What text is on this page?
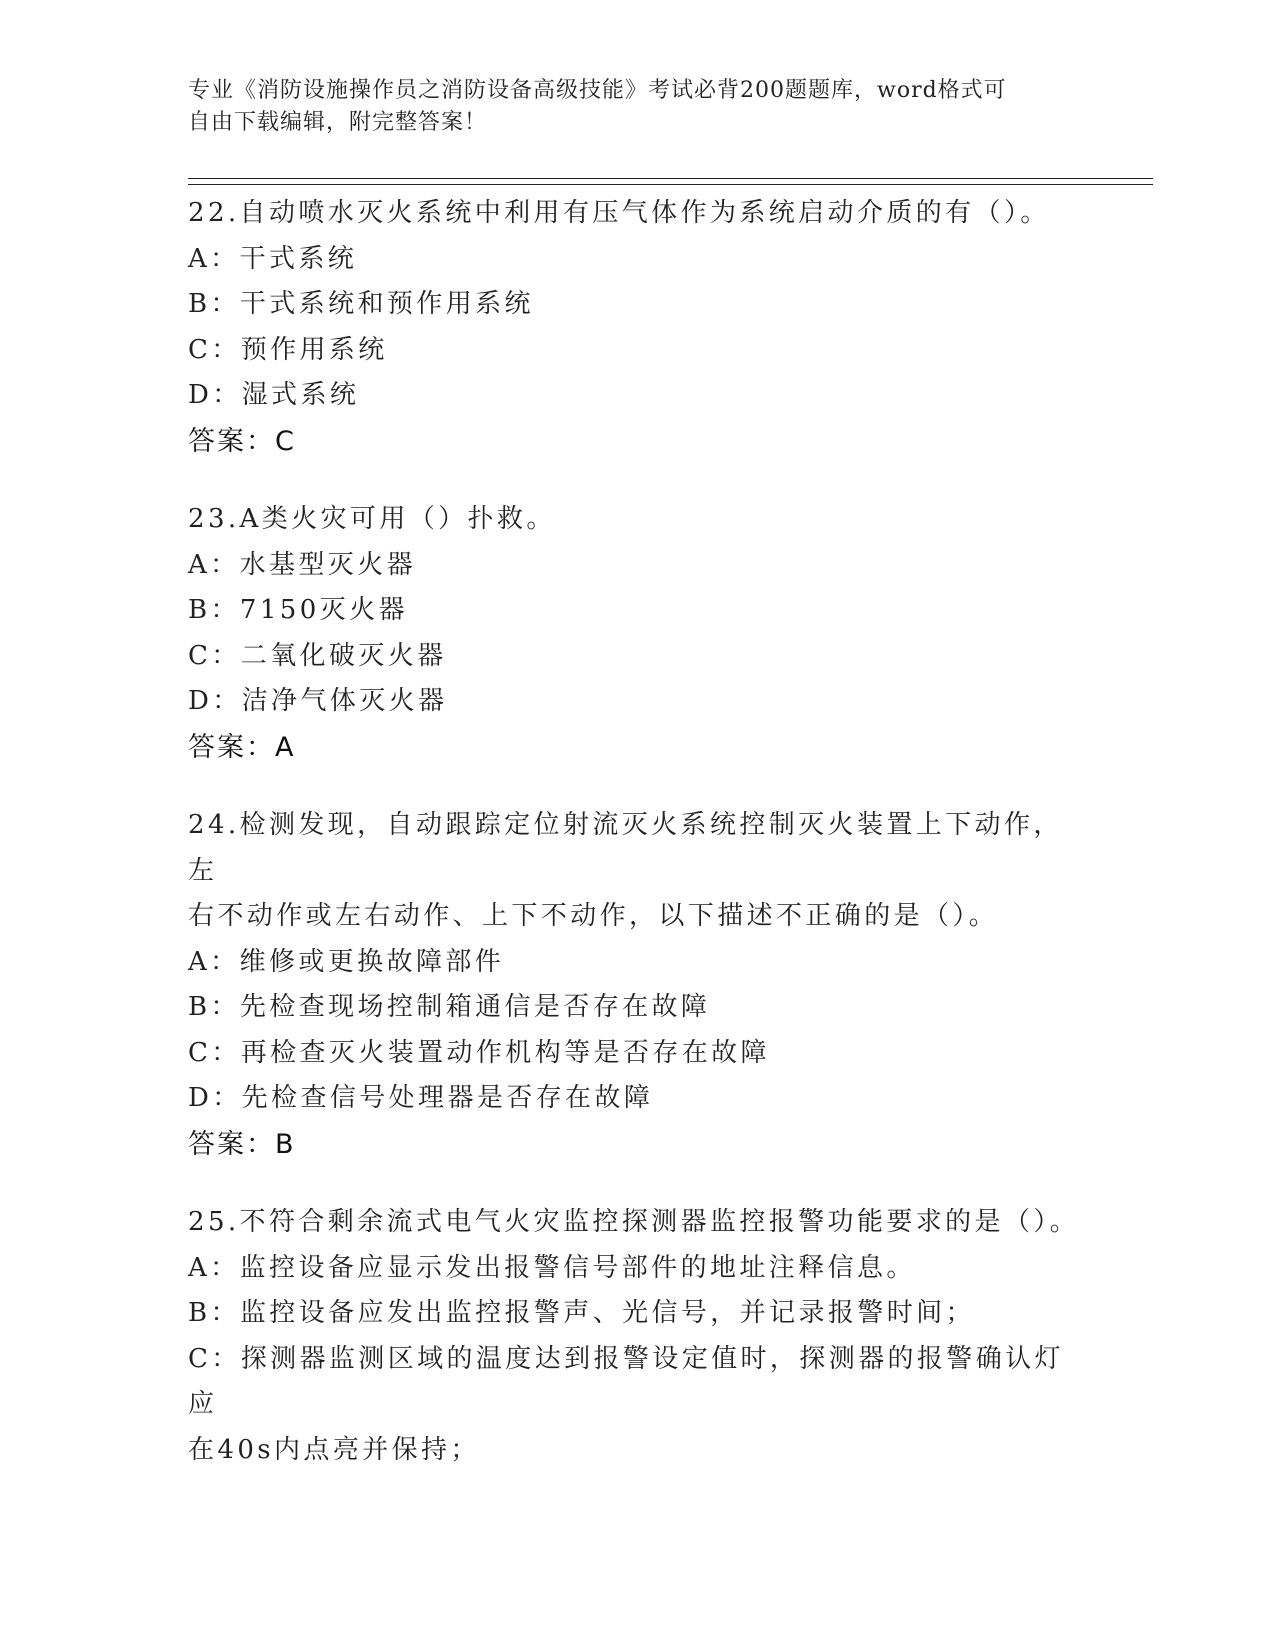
专业《消防设施操作员之消防设备高级技能》考试必背200题题库，word格式可
自由下载编辑，附完整答案！
22.自动喷水灭火系统中利用有压气体作为系统启动介质的有（）。
A：干式系统
B：干式系统和预作用系统
C：预作用系统
D：湿式系统
答案：C
23.A类火灾可用（）扑救。
A：水基型灭火器
B：7150灭火器
C：二氧化破灭火器
D：洁净气体灭火器
答案：A
24.检测发现，自动跟踪定位射流灭火系统控制灭火装置上下动作，左
右不动作或左右动作、上下不动作，以下描述不正确的是（）。
A：维修或更换故障部件
B：先检查现场控制箱通信是否存在故障
C：再检查灭火装置动作机构等是否存在故障
D：先检查信号处理器是否存在故障
答案：B
25.不符合剩余流式电气火灾监控探测器监控报警功能要求的是（）。
A：监控设备应显示发出报警信号部件的地址注释信息。
B：监控设备应发出监控报警声、光信号，并记录报警时间；
C：探测器监测区域的温度达到报警设定值时，探测器的报警确认灯应
在40s内点亮并保持；
